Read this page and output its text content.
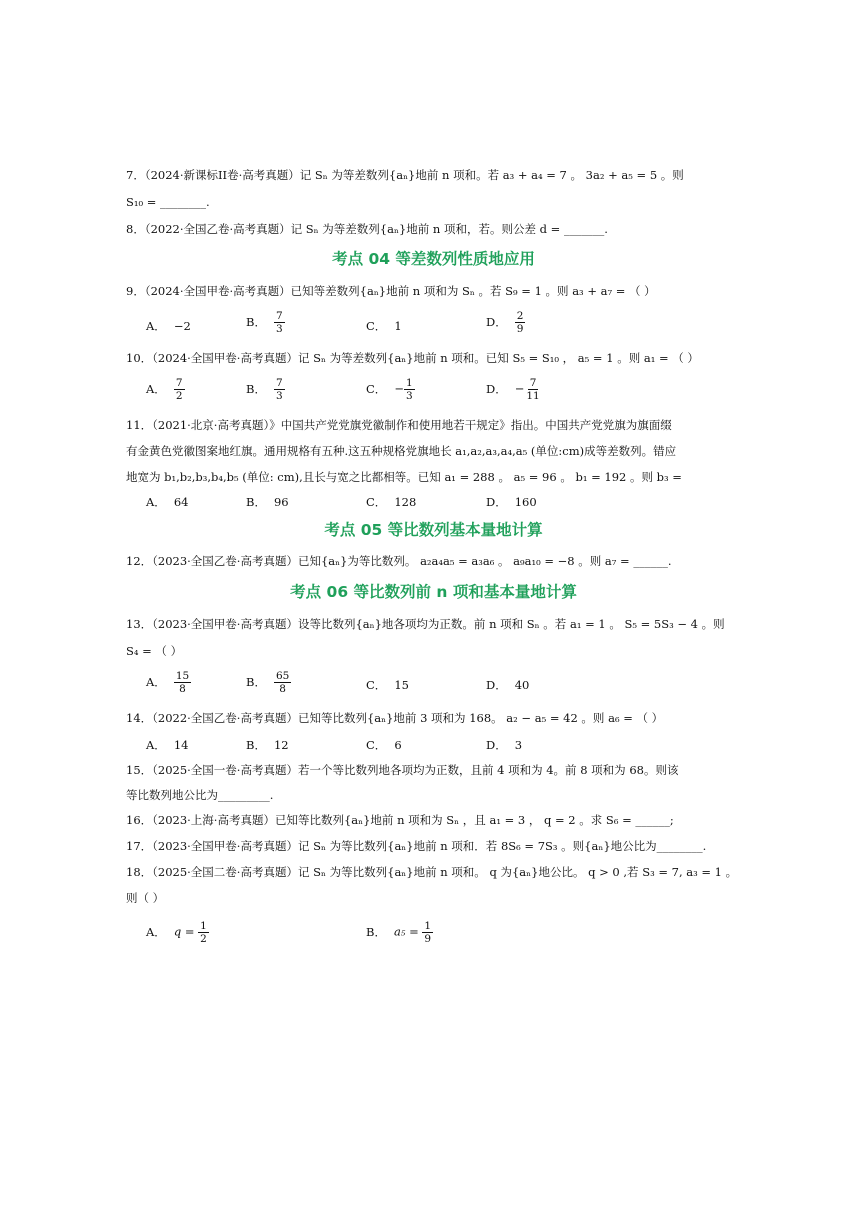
7．（2024·新课标II卷·高考真题）记 Sₙ 为等差数列{aₙ}地前 n 项和。若 a₃ + a₄ = 7 。 3a₂ + a₅ = 5 。则
S₁₀ = ________.
8．（2022·全国乙卷·高考真题）记 Sₙ 为等差数列{aₙ}地前 n 项和，若。则公差 d = _______.
考点 04 等差数列性质地应用
9．（2024·全国甲卷·高考真题）已知等差数列{aₙ}地前 n 项和为 Sₙ 。若 S₉ = 1 。则 a₃ + a₇ = （ ）
A． −2	B． $\frac{7}{3}$	C． 1	D． $\frac{2}{9}$
10．（2024·全国甲卷·高考真题）记 Sₙ 为等差数列{aₙ}地前 n 项和。已知 S₅ = S₁₀ ， a₅ = 1 。则 a₁ = （ ）
A． $\frac{7}{2}$	B． $\frac{7}{3}$	C． − $\frac{1}{3}$	D． − $\frac{7}{11}$
11．（2021·北京·高考真题）》中国共产党党旗党徽制作和使用地若干规定》指出。中国共产党党旗为旗面缀
有金黄色党徽图案地红旗。通用规格有五种.这五种规格党旗地长 a₁,a₂,a₃,a₄,a₅ (单位:cm)成等差数列。错应
地宽为 b₁,b₂,b₃,b₄,b₅ (单位: cm),且长与宽之比都相等。已知 a₁ = 288 。 a₅ = 96 。 b₁ = 192 。则 b₃ =
A． 64	B． 96	C． 128	D． 160
考点 05 等比数列基本量地计算
12．（2023·全国乙卷·高考真题）已知{aₙ}为等比数列。 a₂a₄a₅ = a₃a₆ 。 a₉a₁₀ = −8 。则 a₇ = ______.
考点 06 等比数列前 n 项和基本量地计算
13．（2023·全国甲卷·高考真题）设等比数列{aₙ}地各项均为正数。前 n 项和 Sₙ 。若 a₁ = 1 。 S₅ = 5S₃ − 4 。则
S₄ = （ ）
A． $\frac{15}{8}$	B． $\frac{65}{8}$	C． 15	D． 40
14．（2022·全国乙卷·高考真题）已知等比数列{aₙ}地前 3 项和为 168。 a₂ − a₅ = 42 。则 a₆ = （ ）
A． 14	B． 12	C． 6	D． 3
15．（2025·全国一卷·高考真题）若一个等比数列地各项均为正数，且前 4 项和为 4。前 8 项和为 68。则该
等比数列地公比为_________.
16．（2023·上海·高考真题）已知等比数列{aₙ}地前 n 项和为 Sₙ ，且 a₁ = 3 ， q = 2 。求 S₆ = ______;
17．（2023·全国甲卷·高考真题）记 Sₙ 为等比数列{aₙ}地前 n 项和．若 8S₆ = 7S₃ 。则{aₙ}地公比为________.
18．（2025·全国二卷·高考真题）记 Sₙ 为等比数列{aₙ}地前 n 项和。 q 为{aₙ}地公比。 q > 0 ,若 S₃ = 7, a₃ = 1 。
则（ ）
A． $q = \frac{1}{2}$	B． $a_5 = \frac{1}{9}$
